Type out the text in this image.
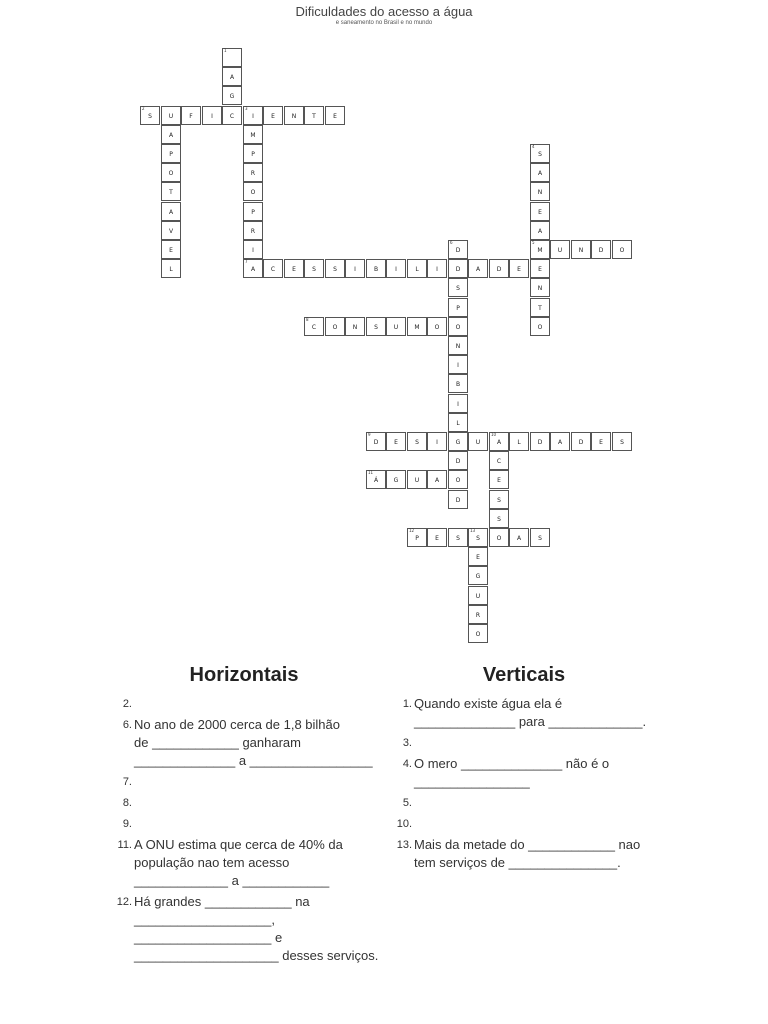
Dificuldades do acesso a água
e saneamento no Brasil e no mundo
1
A
G
2
S	U	F	I	C
3
I	E	N	T	E
A
P
O
T
A
V
E
L
M
P
R
O
P
R
I
4
S
A
N
E
A
5
M	U	N	D	O
6
D
7
A	C	E	S	S	I	B	I	L	I	D	A	D	E	E
N
T
O
S
P
N
I
B
I
L
8
C	O	N	S	U	M	O	O
9
D	E	S	I	G	U
10
A	L	D	A	D	E	S
D	C
11
Á	G	U	A	O	E
D	S
S
12
P	E	S
13
S	O	A	S
E
G
U
R
O
Horizontais	Verticais
2.
6. No ano de 2000 cerca de 1,8 bilhão
de ____________ ganharam
______________ a _________________
7.
8.
9.
11. A ONU estima que cerca de 40% da
população nao tem acesso
_____________ a ____________
12. Há grandes ____________ na
___________________,
___________________ e
____________________ desses serviços.
1. Quando existe água ela é
______________ para _____________.
3.
4. O mero ______________ não é o
________________
5.
10.
13. Mais da metade do ____________ nao
tem serviços de _______________.
